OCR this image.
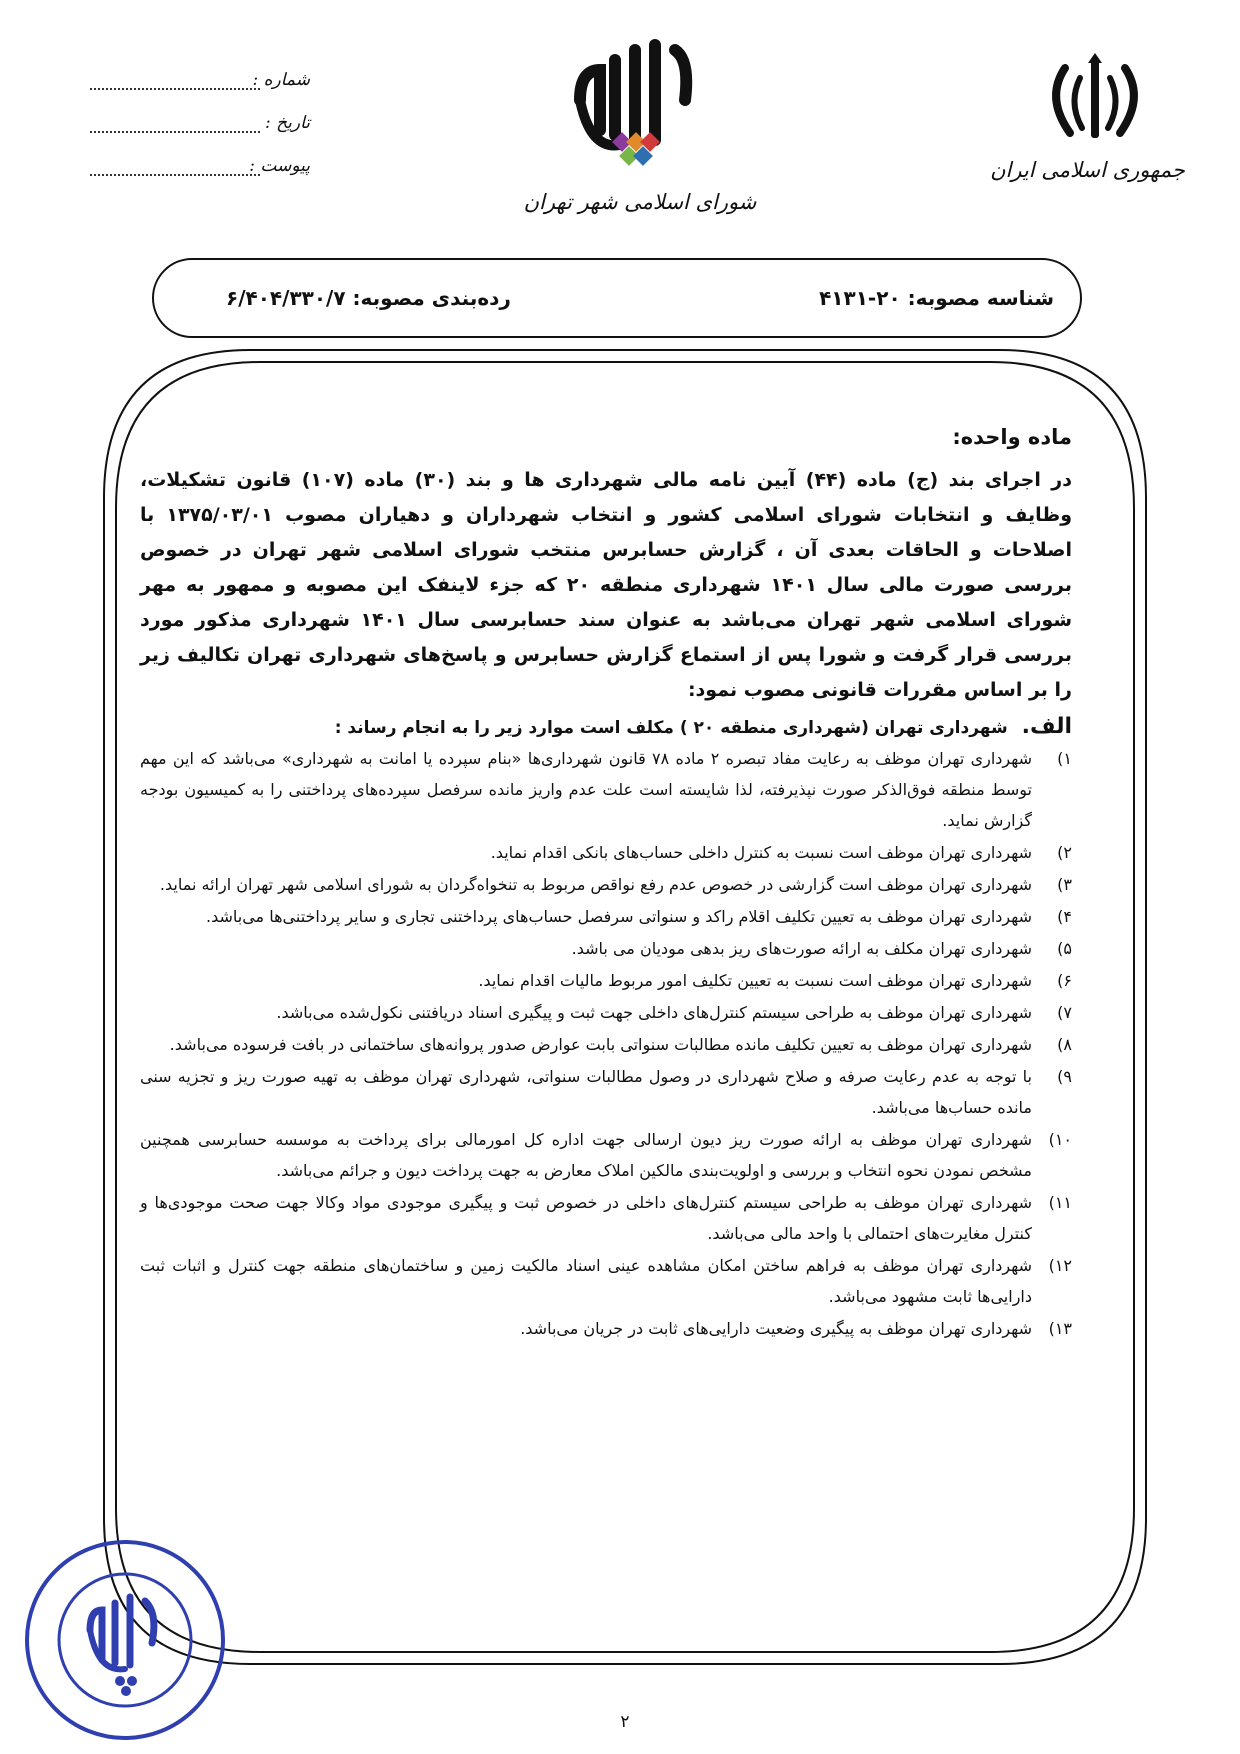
شماره :
تاریخ :
پیوست :
شورای اسلامی شهر تهران
جمهوری اسلامی ایران
شناسه مصوبه: ۲۰-۴۱۳۱
رده‌بندی مصوبه: ۶/۴۰۴/۳۳۰/۷
ماده واحده:

در اجرای بند (ج) ماده (۴۴) آیین نامه مالی شهرداری ها و بند (۳۰) ماده (۱۰۷) قانون تشکیلات، وظایف و انتخابات شورای اسلامی کشور و انتخاب شهرداران و دهیاران مصوب ۱۳۷۵/۰۳/۰۱ با اصلاحات و الحاقات بعدی آن ، گزارش حسابرس منتخب شورای اسلامی شهر تهران در خصوص بررسی صورت مالی سال ۱۴۰۱ شهرداری منطقه ۲۰ که جزء لاینفک این مصوبه و ممهور به مهر شورای اسلامی شهر تهران می‌باشد به عنوان سند حسابرسی سال ۱۴۰۱ شهرداری مذکور مورد بررسی قرار گرفت و شورا پس از استماع گزارش حسابرس و پاسخ‌های شهرداری تهران تکالیف زیر را بر اساس مقررات قانونی مصوب نمود:

الف. شهرداری تهران (شهرداری منطقه ۲۰ ) مکلف است موارد زیر را به انجام رساند :
۱)
شهرداری تهران موظف به رعایت مفاد تبصره ۲ ماده ۷۸ قانون شهرداری‌ها «بنام سپرده یا امانت به شهرداری» می‌باشد که این مهم توسط منطقه فوق‌الذکر صورت نپذیرفته، لذا شایسته است علت عدم واریز مانده سرفصل سپرده‌های پرداختنی را به کمیسیون بودجه گزارش نماید.
۲)
شهرداری تهران موظف است نسبت به کنترل داخلی حساب‌های بانکی اقدام نماید.
۳)
شهرداری تهران موظف است گزارشی در خصوص عدم رفع نواقص مربوط به تنخواه‌گردان به شورای اسلامی شهر تهران ارائه نماید.
۴)
شهرداری تهران موظف به تعیین تکلیف اقلام راکد و سنواتی سرفصل حساب‌های پرداختنی تجاری و سایر پرداختنی‌ها می‌باشد.
۵)
شهرداری تهران مکلف به ارائه صورت‌های ریز بدهی مودیان می باشد.
۶)
شهرداری تهران موظف است نسبت به تعیین تکلیف امور مربوط مالیات اقدام نماید.
۷)
شهرداری تهران موظف به طراحی سیستم کنترل‌های داخلی جهت ثبت و پیگیری اسناد دریافتنی نکول‌شده می‌باشد.
۸)
شهرداری تهران موظف به تعیین تکلیف مانده مطالبات سنواتی بابت عوارض صدور پروانه‌های ساختمانی در بافت فرسوده می‌باشد.
۹)
با توجه به عدم رعایت صرفه و صلاح شهرداری در وصول مطالبات سنواتی، شهرداری تهران موظف به تهیه صورت ریز و تجزیه سنی مانده حساب‌ها می‌باشد.
۱۰)
شهرداری تهران موظف به ارائه صورت ریز دیون ارسالی جهت اداره کل امورمالی برای پرداخت به موسسه حسابرسی همچنین مشخص نمودن نحوه انتخاب و بررسی و اولویت‌بندی مالکین املاک معارض به جهت پرداخت دیون و جرائم می‌باشد.
۱۱)
شهرداری تهران موظف به طراحی سیستم کنترل‌های داخلی در خصوص ثبت و پیگیری موجودی مواد وکالا جهت صحت موجودی‌ها و کنترل مغایرت‌های احتمالی با واحد مالی می‌باشد.
۱۲)
شهرداری تهران موظف به فراهم ساختن امکان مشاهده عینی اسناد مالکیت زمین و ساختمان‌های منطقه جهت کنترل و اثبات ثبت دارایی‌ها ثابت مشهود می‌باشد.
۱۳)
شهرداری تهران موظف به پیگیری وضعیت دارایی‌های ثابت در جریان می‌باشد.
۲
